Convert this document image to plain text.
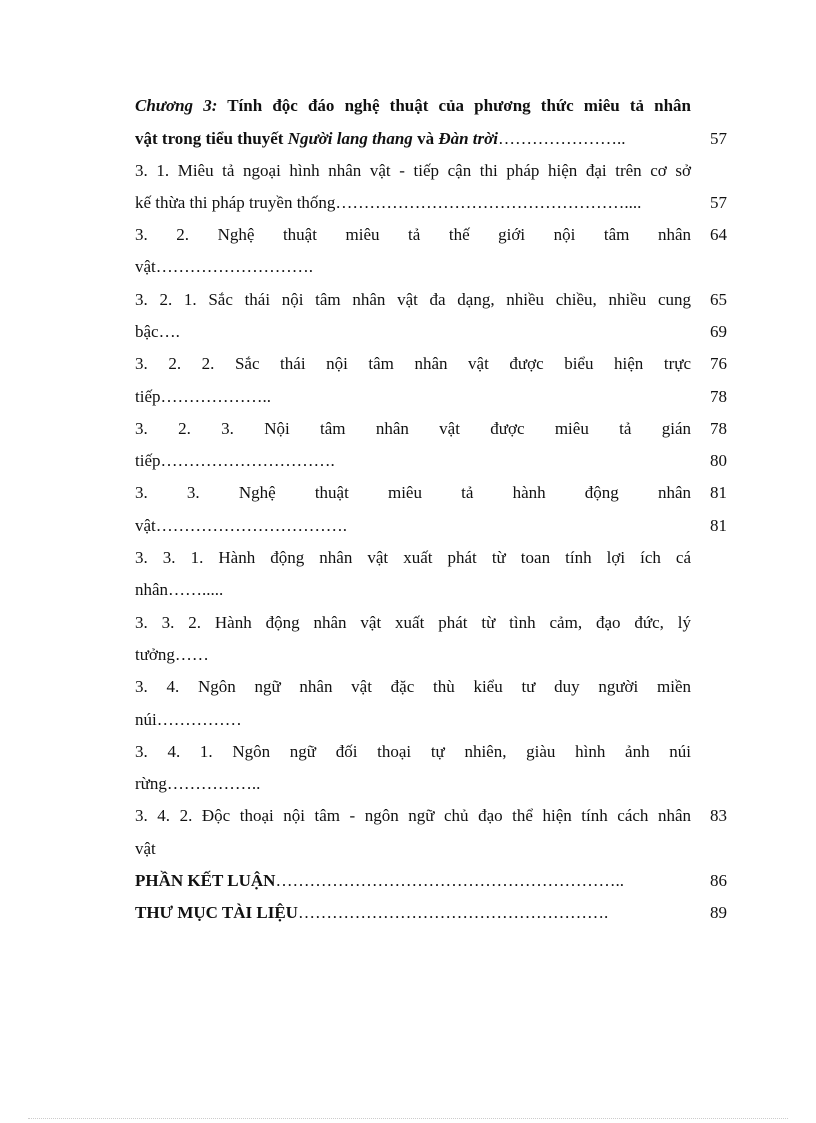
Chương 3: Tính độc đáo nghệ thuật của phương thức miêu tả nhân
vật trong tiểu thuyết Người lang thang và Đàn trời…………………..	57
3. 1. Miêu tả ngoại hình nhân vật - tiếp cận thi pháp hiện đại trên cơ sở
kế thừa thi pháp truyền thống……………………………………………....	57
3. 2. Nghệ thuật miêu tả thế giới nội tâm nhân 64
vật……………………….
3. 2. 1. Sắc thái nội tâm nhân vật đa dạng, nhiều chiều, nhiều cung 65
bậc….	69
3. 2. 2. Sắc thái nội tâm nhân vật được biểu hiện trực 76
tiếp………………..	78
3. 2. 3. Nội tâm nhân vật được miêu tả gián 78
tiếp………………………….	80
3. 3. Nghệ thuật miêu tả hành động nhân 81
vật…………………………….	81
3. 3. 1. Hành động nhân vật xuất phát từ toan tính lợi ích cá
nhân…….....
3. 3. 2. Hành động nhân vật xuất phát từ tình cảm, đạo đức, lý
tưởng……
3. 4. Ngôn ngữ nhân vật đặc thù kiểu tư duy người miền
núi……………
3. 4. 1. Ngôn ngữ đối thoại tự nhiên, giàu hình ảnh núi
rừng……………..
3. 4. 2. Độc thoại nội tâm - ngôn ngữ chủ đạo thể hiện tính cách nhân 83
vật
PHẦN KẾT LUẬN……………………………………………………..	86
THƯ MỤC TÀI LIỆU……………………………………………….	89
